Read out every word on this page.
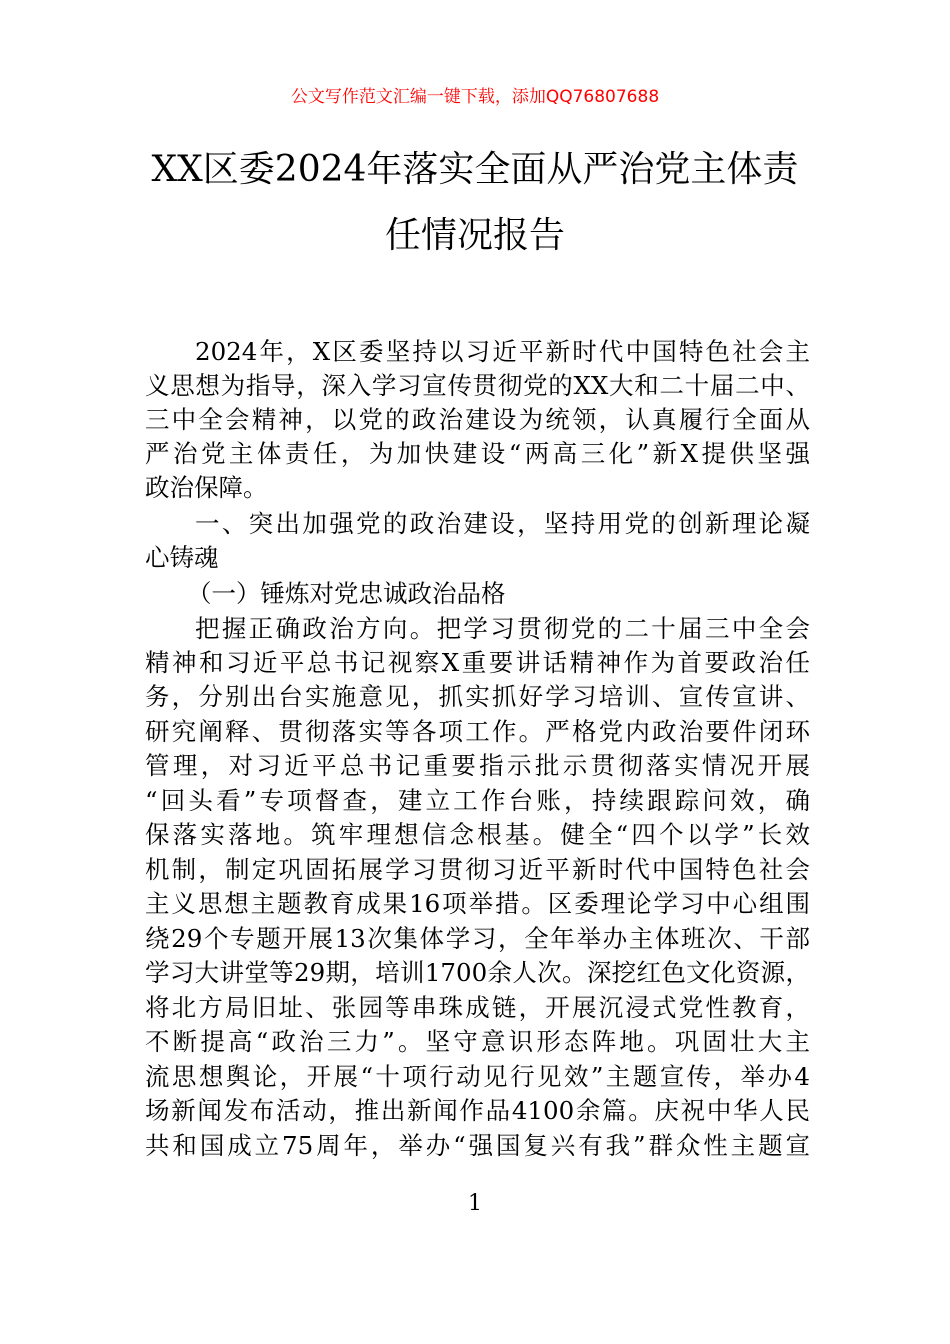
公文写作范文汇编一键下载，添加QQ76807688
XX区委2024年落实全面从严治党主体责
任情况报告
2024年，X区委坚持以习近平新时代中国特色社会主
义思想为指导，深入学习宣传贯彻党的XX大和二十届二中、
三中全会精神，以党的政治建设为统领，认真履行全面从
严治党主体责任，为加快建设“两高三化”新X提供坚强
政治保障。
一、突出加强党的政治建设，坚持用党的创新理论凝
心铸魂
（一）锤炼对党忠诚政治品格
把握正确政治方向。把学习贯彻党的二十届三中全会
精神和习近平总书记视察X重要讲话精神作为首要政治任
务，分别出台实施意见，抓实抓好学习培训、宣传宣讲、
研究阐释、贯彻落实等各项工作。严格党内政治要件闭环
管理，对习近平总书记重要指示批示贯彻落实情况开展
“回头看”专项督查，建立工作台账，持续跟踪问效，确
保落实落地。筑牢理想信念根基。健全“四个以学”长效
机制，制定巩固拓展学习贯彻习近平新时代中国特色社会
主义思想主题教育成果16项举措。区委理论学习中心组围
绕29个专题开展13次集体学习，全年举办主体班次、干部
学习大讲堂等29期，培训1700余人次。深挖红色文化资源，
将北方局旧址、张园等串珠成链，开展沉浸式党性教育，
不断提高“政治三力”。坚守意识形态阵地。巩固壮大主
流思想舆论，开展“十项行动见行见效”主题宣传，举办4
场新闻发布活动，推出新闻作品4100余篇。庆祝中华人民
共和国成立75周年，举办“强国复兴有我”群众性主题宣
1
